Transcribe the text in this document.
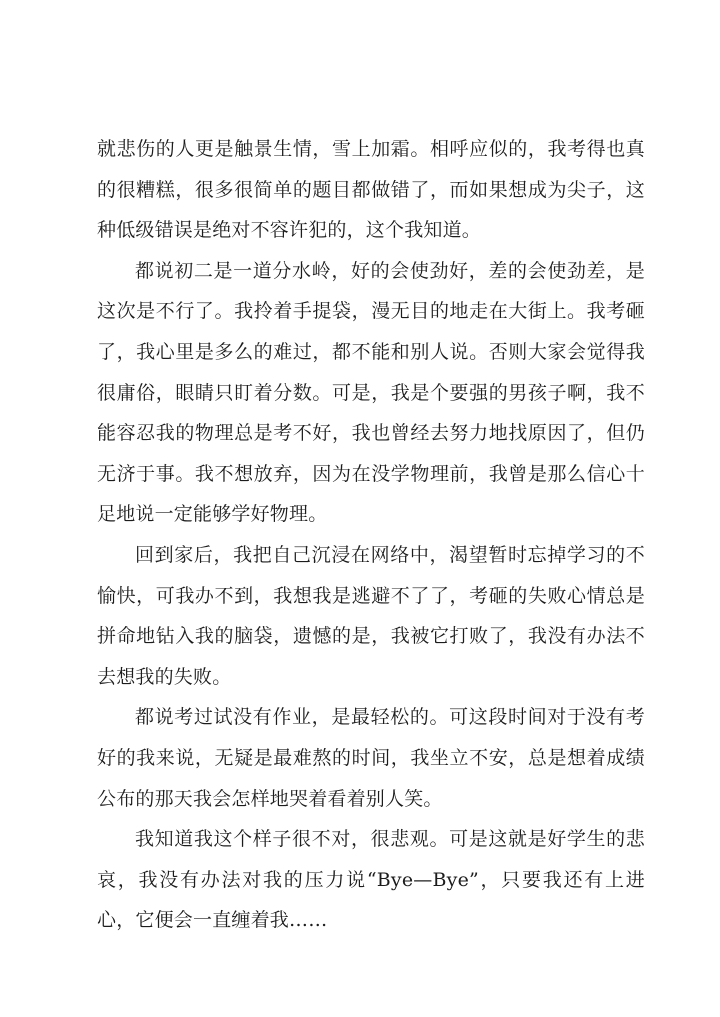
就悲伤的人更是触景生情，雪上加霜。相呼应似的，我考得也真的很糟糕，很多很简单的题目都做错了，而如果想成为尖子，这种低级错误是绝对不容许犯的，这个我知道。

都说初二是一道分水岭，好的会使劲好，差的会使劲差，是这次是不行了。我拎着手提袋，漫无目的地走在大街上。我考砸了，我心里是多么的难过，都不能和别人说。否则大家会觉得我很庸俗，眼睛只盯着分数。可是，我是个要强的男孩子啊，我不能容忍我的物理总是考不好，我也曾经去努力地找原因了，但仍无济于事。我不想放弃，因为在没学物理前，我曾是那么信心十足地说一定能够学好物理。

回到家后，我把自己沉浸在网络中，渴望暂时忘掉学习的不愉快，可我办不到，我想我是逃避不了了，考砸的失败心情总是拼命地钻入我的脑袋，遗憾的是，我被它打败了，我没有办法不去想我的失败。

都说考过试没有作业，是最轻松的。可这段时间对于没有考好的我来说，无疑是最难熬的时间，我坐立不安，总是想着成绩公布的那天我会怎样地哭着看着别人笑。

我知道我这个样子很不对，很悲观。可是这就是好学生的悲哀，我没有办法对我的压力说“Bye—Bye”，只要我还有上进心，它便会一直缠着我……
